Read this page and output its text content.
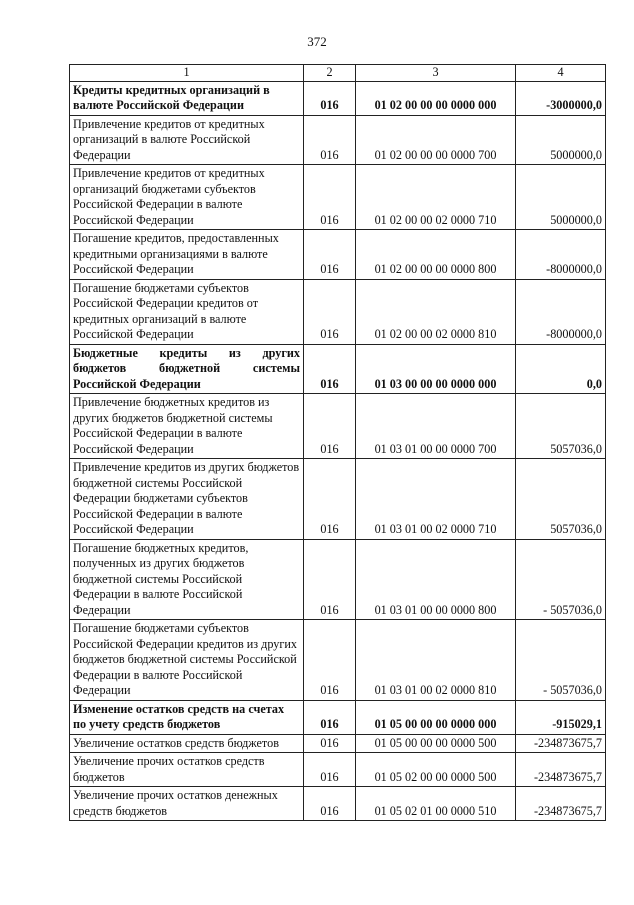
372
1	2	3	4
Кредиты кредитных организаций в валюте Российской Федерации	016	01 02 00 00 00 0000 000	-3000000,0
Привлечение кредитов от кредитных организаций в валюте Российской Федерации	016	01 02 00 00 00 0000 700	5000000,0
Привлечение кредитов от кредитных организаций бюджетами субъектов Российской Федерации в валюте Российской Федерации	016	01 02 00 00 02 0000 710	5000000,0
Погашение кредитов, предоставленных кредитными организациями в валюте Российской Федерации	016	01 02 00 00 00 0000 800	-8000000,0
Погашение бюджетами субъектов Российской Федерации кредитов от кредитных организаций в валюте Российской Федерации	016	01 02 00 00 02 0000 810	-8000000,0
Бюджетные кредиты из других бюджетов бюджетной системы Российской Федерации	016	01 03 00 00 00 0000 000	0,0
Привлечение бюджетных кредитов из других бюджетов бюджетной системы Российской Федерации в валюте Российской Федерации	016	01 03 01 00 00 0000 700	5057036,0
Привлечение кредитов из других бюджетов бюджетной системы Российской Федерации бюджетами субъектов Российской Федерации в валюте Российской Федерации	016	01 03 01 00 02 0000 710	5057036,0
Погашение бюджетных кредитов, полученных из других бюджетов бюджетной системы Российской Федерации в валюте Российской Федерации	016	01 03 01 00 00 0000 800	- 5057036,0
Погашение бюджетами субъектов Российской Федерации кредитов из других бюджетов бюджетной системы Российской Федерации в валюте Российской Федерации	016	01 03 01 00 02 0000 810	- 5057036,0
Изменение остатков средств на счетах по учету средств бюджетов	016	01 05 00 00 00 0000 000	-915029,1
Увеличение остатков средств бюджетов	016	01 05 00 00 00 0000 500	-234873675,7
Увеличение прочих остатков средств бюджетов	016	01 05 02 00 00 0000 500	-234873675,7
Увеличение прочих остатков денежных средств бюджетов	016	01 05 02 01 00 0000 510	-234873675,7
